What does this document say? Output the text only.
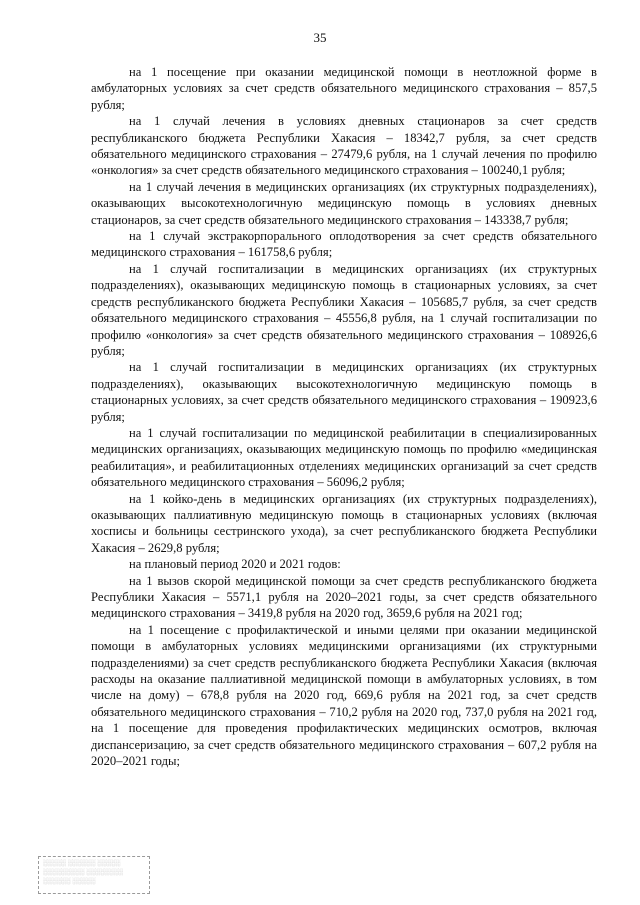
35

на 1 посещение при оказании медицинской помощи в неотложной форме в амбулаторных условиях за счет средств обязательного медицинского страхования – 857,5 рубля;

на 1 случай лечения в условиях дневных стационаров за счет средств республиканского бюджета Республики Хакасия – 18342,7 рубля, за счет средств обязательного медицинского страхования – 27479,6 рубля, на 1 случай лечения по профилю «онкология» за счет средств обязательного медицинского страхования – 100240,1 рубля;

на 1 случай лечения в медицинских организациях (их структурных подразделениях), оказывающих высокотехнологичную медицинскую помощь в условиях дневных стационаров, за счет средств обязательного медицинского страхования – 143338,7 рубля;

на 1 случай экстракорпорального оплодотворения за счет средств обязательного медицинского страхования – 161758,6 рубля;

на 1 случай госпитализации в медицинских организациях (их структурных подразделениях), оказывающих медицинскую помощь в стационарных условиях, за счет средств республиканского бюджета Республики Хакасия – 105685,7 рубля, за счет средств обязательного медицинского страхования – 45556,8 рубля, на 1 случай госпитализации по профилю «онкология» за счет средств обязательного медицинского страхования – 108926,6 рубля;

на 1 случай госпитализации в медицинских организациях (их структурных подразделениях), оказывающих высокотехнологичную медицинскую помощь в стационарных условиях, за счет средств обязательного медицинского страхования – 190923,6 рубля;

на 1 случай госпитализации по медицинской реабилитации в специализированных медицинских организациях, оказывающих медицинскую помощь по профилю «медицинская реабилитация», и реабилитационных отделениях медицинских организаций за счет средств обязательного медицинского страхования – 56096,2 рубля;

на 1 койко-день в медицинских организациях (их структурных подразделениях), оказывающих паллиативную медицинскую помощь в стационарных условиях (включая хосписы и больницы сестринского ухода), за счет республиканского бюджета Республики Хакасия – 2629,8 рубля;

на плановый период 2020 и 2021 годов:

на 1 вызов скорой медицинской помощи за счет средств республиканского бюджета Республики Хакасия – 5571,1 рубля на 2020–2021 годы, за счет средств обязательного медицинского страхования – 3419,8 рубля на 2020 год, 3659,6 рубля на 2021 год;

на 1 посещение с профилактической и иными целями при оказании медицинской помощи в амбулаторных условиях медицинскими организациями (их структурными подразделениями) за счет средств республиканского бюджета Республики Хакасия (включая расходы на оказание паллиативной медицинской помощи в амбулаторных условиях, в том числе на дому) – 678,8 рубля на 2020 год, 669,6 рубля на 2021 год, за счет средств обязательного медицинского страхования – 710,2 рубля на 2020 год, 737,0 рубля на 2021 год, на 1 посещение для проведения профилактических медицинских осмотров, включая диспансеризацию, за счет средств обязательного медицинского страхования – 607,2 рубля на 2020–2021 годы;

░░░░░ ░░░░░░ ░░░░░
░░░░░░░░░ ░░░░░░░░
░░░░░░ ░░░░░
